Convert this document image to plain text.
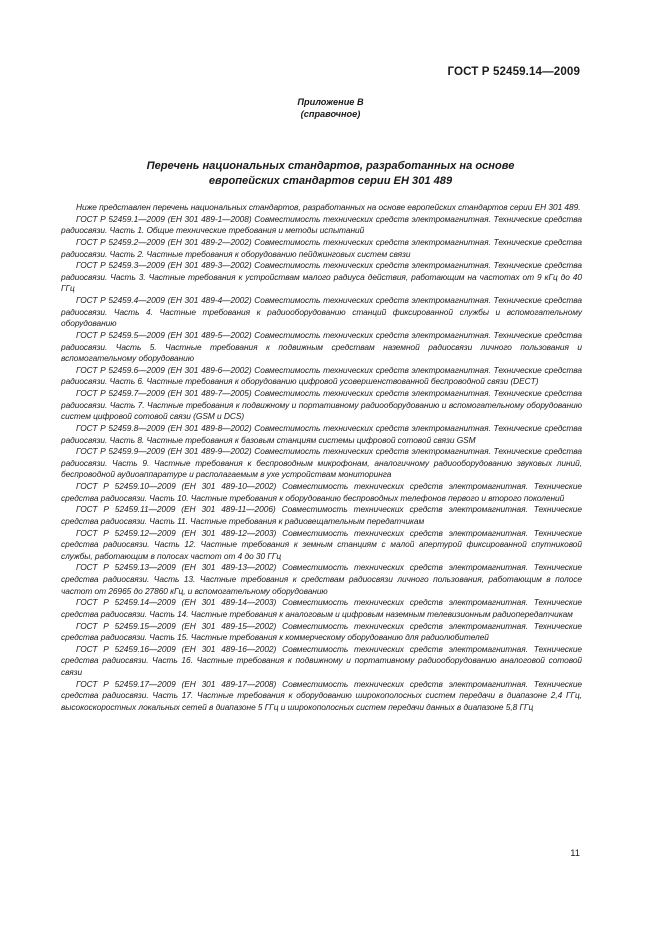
ГОСТ Р 52459.14—2009
Приложение В
(справочное)
Перечень национальных стандартов, разработанных на основе
европейских стандартов серии ЕН 301 489

Ниже представлен перечень национальных стандартов, разработанных на основе европейских стандартов серии ЕН 301 489.

ГОСТ Р 52459.1—2009 (ЕН 301 489-1—2008) Совместимость технических средств электромагнитная. Технические средства радиосвязи. Часть 1. Общие технические требования и методы испытаний

ГОСТ Р 52459.2—2009 (ЕН 301 489-2—2002) Совместимость технических средств электромагнитная. Технические средства радиосвязи. Часть 2. Частные требования к оборудованию пейджинговых систем связи

ГОСТ Р 52459.3—2009 (ЕН 301 489-3—2002) Совместимость технических средств электромагнитная. Технические средства радиосвязи. Часть 3. Частные требования к устройствам малого радиуса действия, работающим на частотах от 9 кГц до 40 ГГц

ГОСТ Р 52459.4—2009 (ЕН 301 489-4—2002) Совместимость технических средств электромагнитная. Технические средства радиосвязи. Часть 4. Частные требования к радиооборудованию станций фиксированной службы и вспомогательному оборудованию

ГОСТ Р 52459.5—2009 (ЕН 301 489-5—2002) Совместимость технических средств электромагнитная. Технические средства радиосвязи. Часть 5. Частные требования к подвижным средствам наземной радиосвязи личного пользования и вспомогательному оборудованию

ГОСТ Р 52459.6—2009 (ЕН 301 489-6—2002) Совместимость технических средств электромагнитная. Технические средства радиосвязи. Часть 6. Частные требования к оборудованию цифровой усовершенствованной беспроводной связи (DECT)

ГОСТ Р 52459.7—2009 (ЕН 301 489-7—2005) Совместимость технических средств электромагнитная. Технические средства радиосвязи. Часть 7. Частные требования к подвижному и портативному радиооборудованию и вспомогательному оборудованию систем цифровой сотовой связи (GSM и DCS)

ГОСТ Р 52459.8—2009 (ЕН 301 489-8—2002) Совместимость технических средств электромагнитная. Технические средства радиосвязи. Часть 8. Частные требования к базовым станциям системы цифровой сотовой связи GSM

ГОСТ Р 52459.9—2009 (ЕН 301 489-9—2002) Совместимость технических средств электромагнитная. Технические средства радиосвязи. Часть 9. Частные требования к беспроводным микрофонам, аналогичному радиооборудованию звуковых линий, беспроводной аудиоаппаратуре и располагаемым в ухе устройствам мониторинга

ГОСТ Р 52459.10—2009 (ЕН 301 489-10—2002) Совместимость технических средств электромагнитная. Технические средства радиосвязи. Часть 10. Частные требования к оборудованию беспроводных телефонов первого и второго поколений

ГОСТ Р 52459.11—2009 (ЕН 301 489-11—2006) Совместимость технических средств электромагнитная. Технические средства радиосвязи. Часть 11. Частные требования к радиовещательным передатчикам

ГОСТ Р 52459.12—2009 (ЕН 301 489-12—2003) Совместимость технических средств электромагнитная. Технические средства радиосвязи. Часть 12. Частные требования к земным станциям с малой апертурой фиксированной спутниковой службы, работающим в полосах частот от 4 до 30 ГГц

ГОСТ Р 52459.13—2009 (ЕН 301 489-13—2002) Совместимость технических средств электромагнитная. Технические средства радиосвязи. Часть 13. Частные требования к средствам радиосвязи личного пользования, работающим в полосе частот от 26965 до 27860 кГц, и вспомогательному оборудованию

ГОСТ Р 52459.14—2009 (ЕН 301 489-14—2003) Совместимость технических средств электромагнитная. Технические средства радиосвязи. Часть 14. Частные требования к аналоговым и цифровым наземным телевизионным радиопередатчикам

ГОСТ Р 52459.15—2009 (ЕН 301 489-15—2002) Совместимость технических средств электромагнитная. Технические средства радиосвязи. Часть 15. Частные требования к коммерческому оборудованию для радиолюбителей

ГОСТ Р 52459.16—2009 (ЕН 301 489-16—2002) Совместимость технических средств электромагнитная. Технические средства радиосвязи. Часть 16. Частные требования к подвижному и портативному радиооборудованию аналоговой сотовой связи

ГОСТ Р 52459.17—2009 (ЕН 301 489-17—2008) Совместимость технических средств электромагнитная. Технические средства радиосвязи. Часть 17. Частные требования к оборудованию широкополосных систем передачи в диапазоне 2,4 ГГц, высокоскоростных локальных сетей в диапазоне 5 ГГц и широкополосных систем передачи данных в диапазоне 5,8 ГГц

11
